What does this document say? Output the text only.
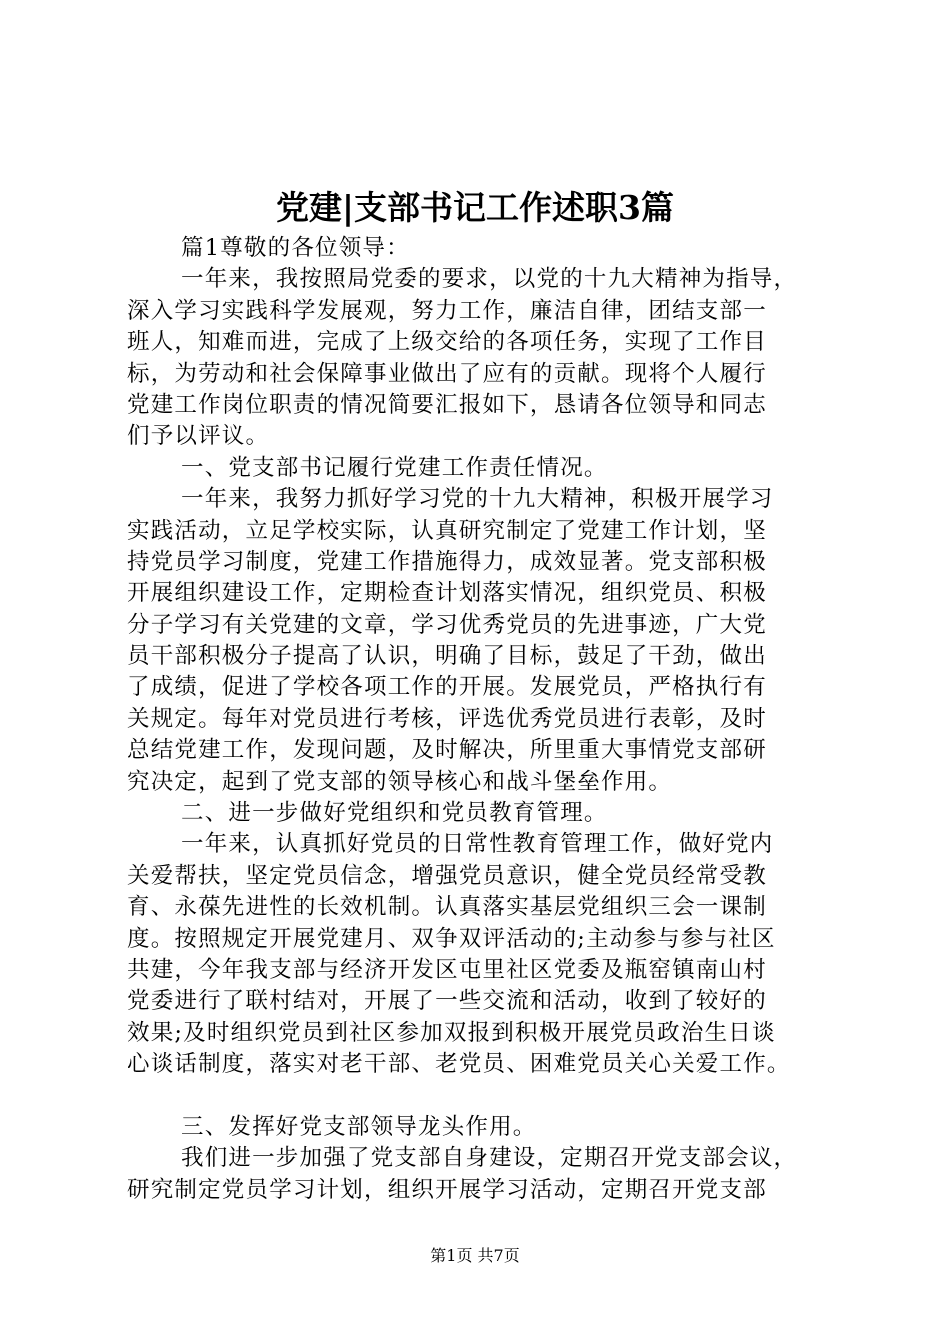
党建|支部书记工作述职3篇
篇1尊敬的各位领导：
一年来，我按照局党委的要求，以党的十九大精神为指导，
深入学习实践科学发展观，努力工作，廉洁自律，团结支部一
班人，知难而进，完成了上级交给的各项任务，实现了工作目
标，为劳动和社会保障事业做出了应有的贡献。现将个人履行
党建工作岗位职责的情况简要汇报如下，恳请各位领导和同志
们予以评议。
一、党支部书记履行党建工作责任情况。
一年来，我努力抓好学习党的十九大精神，积极开展学习
实践活动，立足学校实际，认真研究制定了党建工作计划，坚
持党员学习制度，党建工作措施得力，成效显著。党支部积极
开展组织建设工作，定期检查计划落实情况，组织党员、积极
分子学习有关党建的文章，学习优秀党员的先进事迹，广大党
员干部积极分子提高了认识，明确了目标，鼓足了干劲，做出
了成绩，促进了学校各项工作的开展。发展党员，严格执行有
关规定。每年对党员进行考核，评选优秀党员进行表彰，及时
总结党建工作，发现问题，及时解决，所里重大事情党支部研
究决定，起到了党支部的领导核心和战斗堡垒作用。
二、进一步做好党组织和党员教育管理。
一年来，认真抓好党员的日常性教育管理工作，做好党内
关爱帮扶，坚定党员信念，增强党员意识，健全党员经常受教
育、永葆先进性的长效机制。认真落实基层党组织三会一课制
度。按照规定开展党建月、双争双评活动的;主动参与参与社区
共建，今年我支部与经济开发区屯里社区党委及瓶窑镇南山村
党委进行了联村结对，开展了一些交流和活动，收到了较好的
效果;及时组织党员到社区参加双报到积极开展党员政治生日谈
心谈话制度，落实对老干部、老党员、困难党员关心关爱工作。
三、发挥好党支部领导龙头作用。
我们进一步加强了党支部自身建设，定期召开党支部会议，
研究制定党员学习计划，组织开展学习活动，定期召开党支部
第1页 共7页
